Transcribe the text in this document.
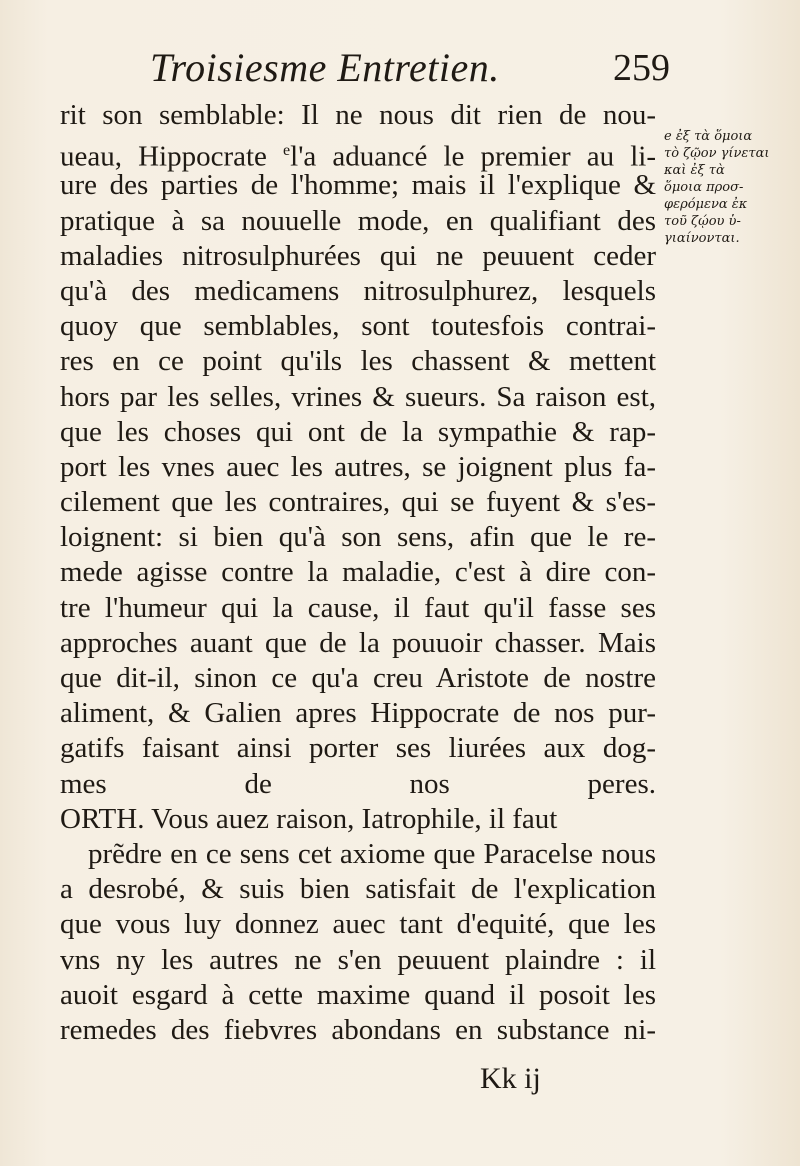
Troisiesme Entretien.	259
rit son semblable: Il ne nous dit rien de nou-
ueau, Hippocrate $^e$l'a aduancé le premier au li-
ure des parties de l'homme; mais il l'explique &
pratique à sa nouuelle mode, en qualifiant des
maladies nitrosulphurées qui ne peuuent ceder
qu'à des medicamens nitrosulphurez, lesquels
quoy que semblables, sont toutesfois contrai-
res en ce point qu'ils les chassent & mettent
hors par les selles, vrines & sueurs. Sa raison est,
que les choses qui ont de la sympathie & rap-
port les vnes auec les autres, se joignent plus fa-
cilement que les contraires, qui se fuyent & s'es-
loignent: si bien qu'à son sens, afin que le re-
mede agisse contre la maladie, c'est à dire con-
tre l'humeur qui la cause, il faut qu'il fasse ses
approches auant que de la pouuoir chasser. Mais
que dit-il, sinon ce qu'a creu Aristote de nostre
aliment, & Galien apres Hippocrate de nos pur-
gatifs faisant ainsi porter ses liurées aux dog-
mes de nos peres.
ORTH. Vous auez raison, Iatrophile, il faut
prẽdre en ce sens cet axiome que Paracelse nous
a desrobé, & suis bien satisfait de l'explication
que vous luy donnez auec tant d'equité, que les
vns ny les autres ne s'en peuuent plaindre : il
auoit esgard à cette maxime quand il posoit les
remedes des fiebvres abondans en substance ni-
e ἐξ τὰ ὅμοια
τὸ ζῷον γίνεται
καὶ ἐξ τὰ
ὅμοια προσ-
φερόμενα ἐκ
τοῦ ζῴου ὑ-
γιαίνονται.
Kk ij
